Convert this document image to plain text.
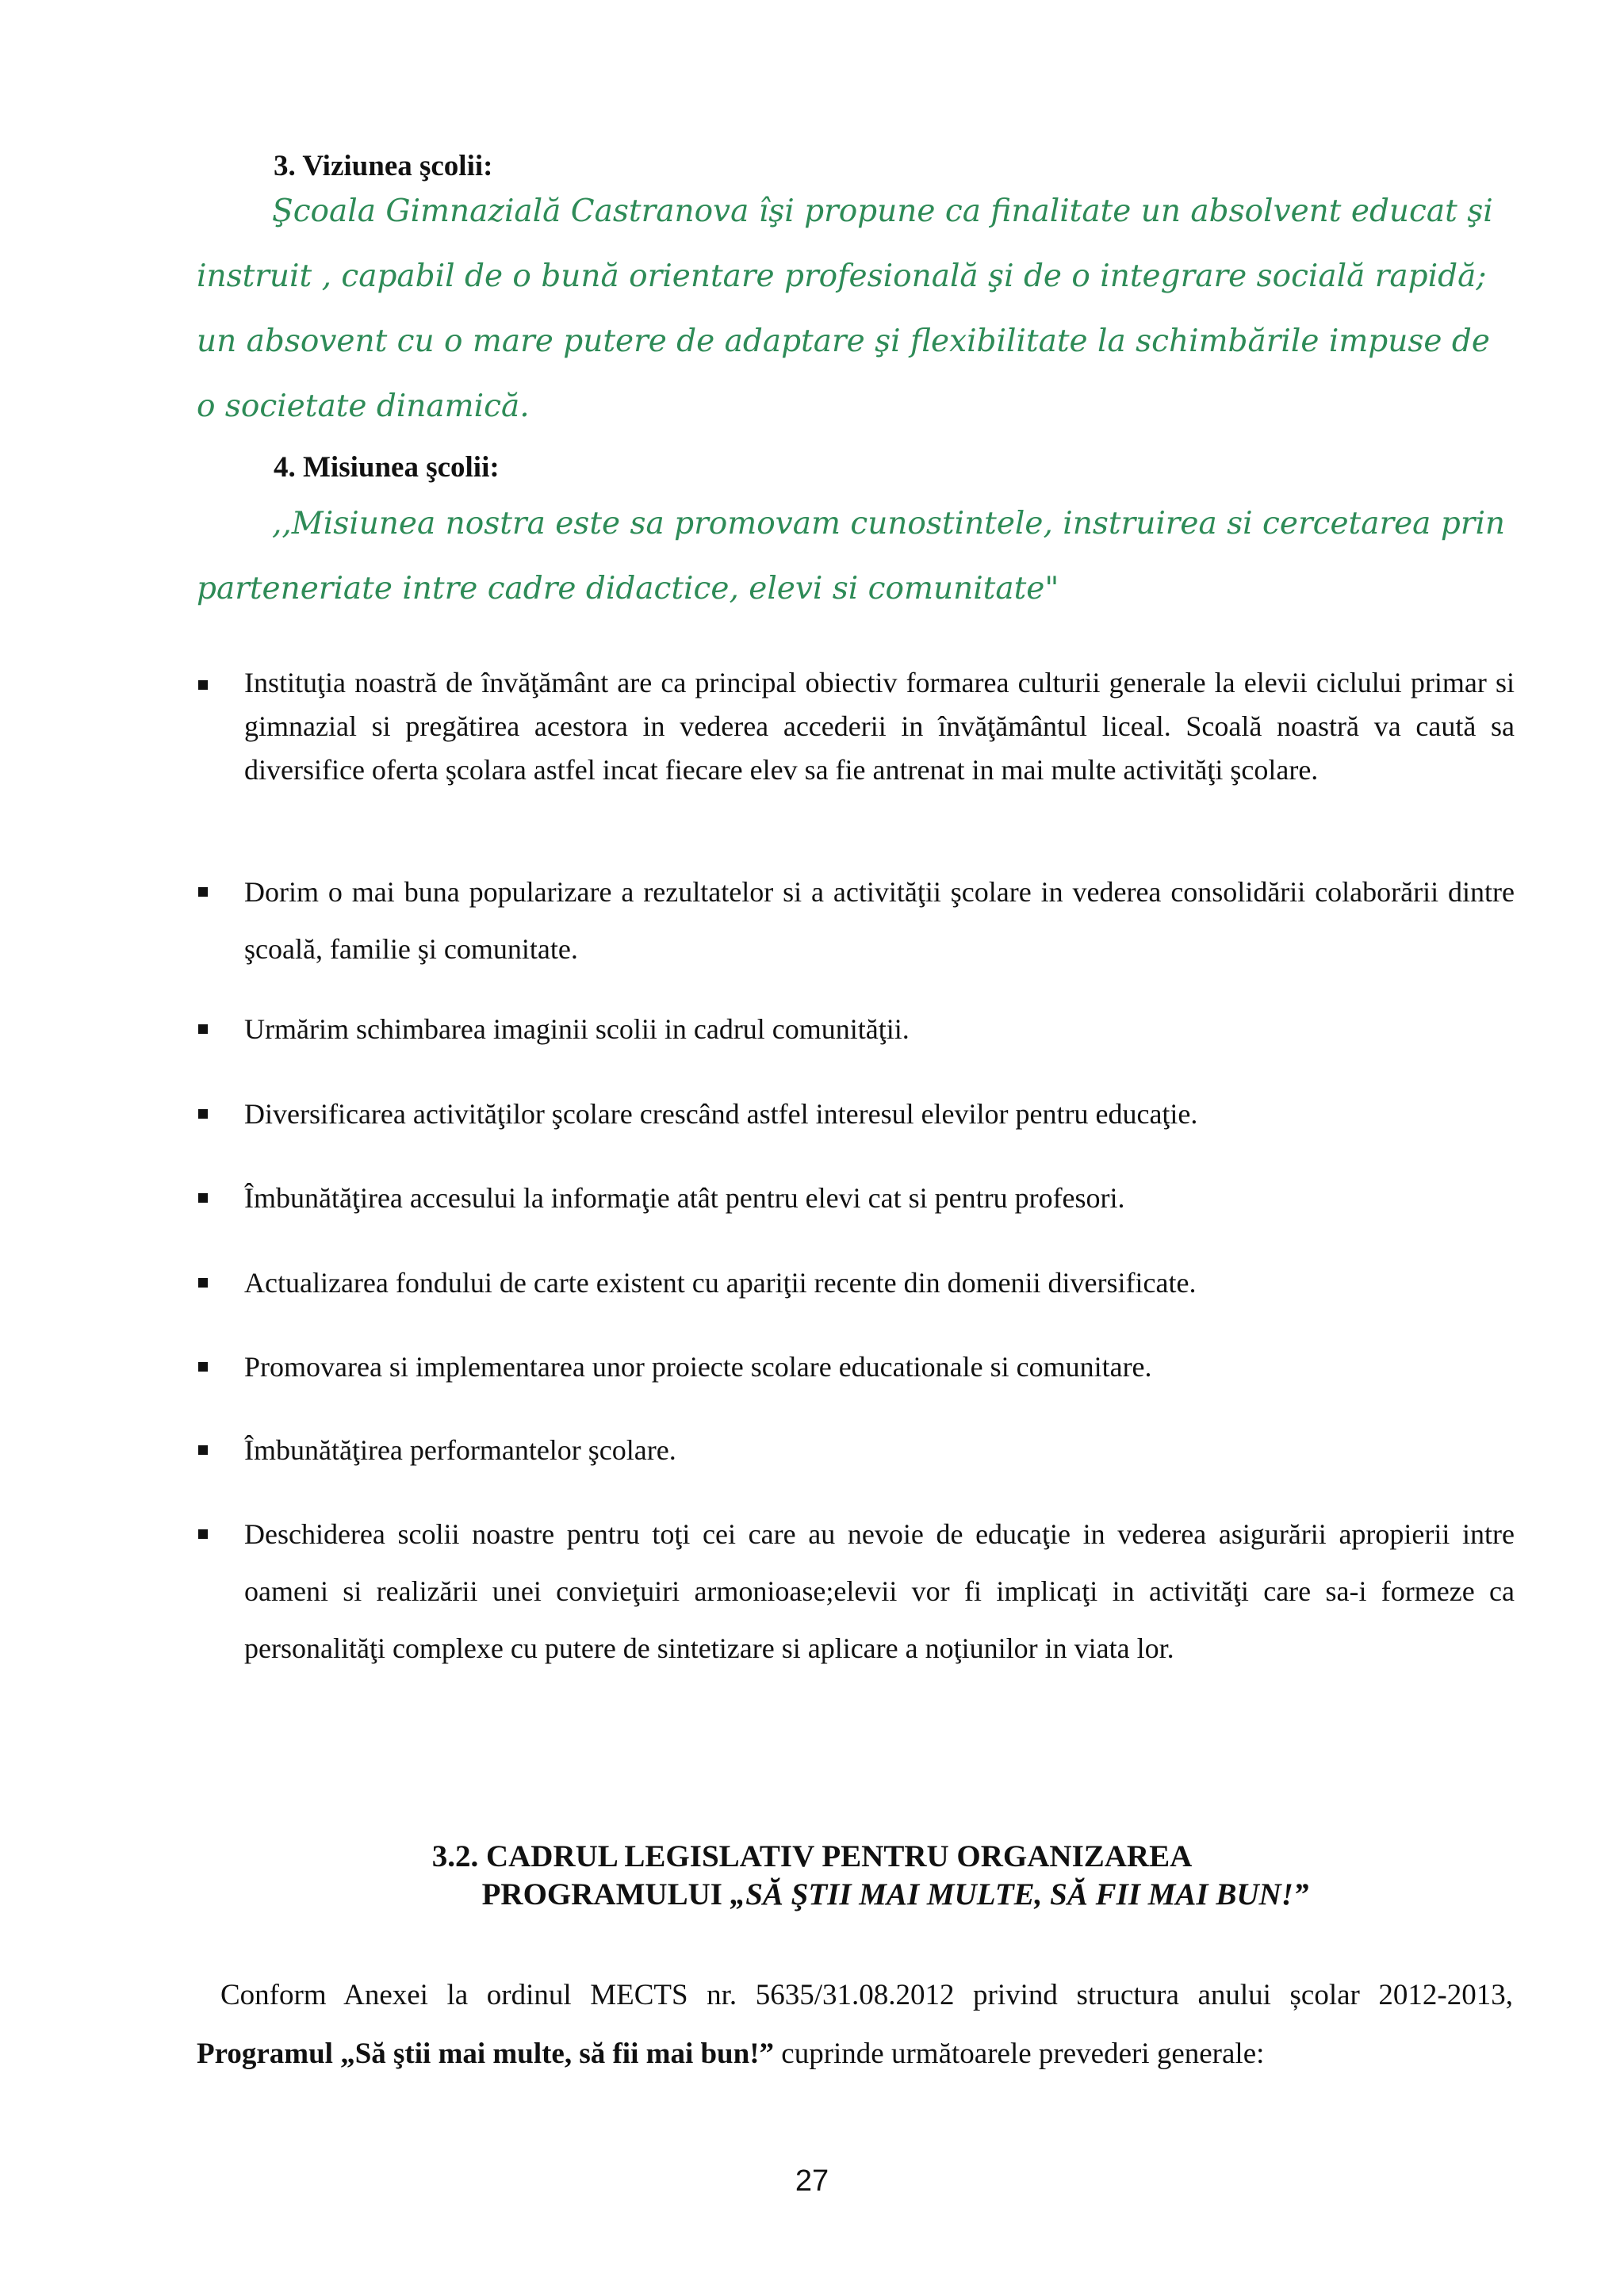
3. Viziunea şcolii:

Şcoala Gimnazială Castranova îşi propune ca finalitate un absolvent educat şi instruit , capabil de o bună orientare profesională şi de o integrare socială rapidă; un absovent cu o mare putere de adaptare şi flexibilitate la schimbările impuse de o societate dinamică.

4. Misiunea şcolii:

,,Misiunea nostra este sa promovam cunostintele, instruirea si cercetarea prin parteneriate intre cadre didactice, elevi si comunitate"

Instituţia noastră de învăţământ are ca principal obiectiv formarea culturii generale la elevii ciclului primar si gimnazial si pregătirea acestora in vederea accederii in învăţământul liceal. Scoală noastră va caută sa diversifice oferta şcolara astfel incat fiecare elev sa fie antrenat in mai multe activităţi şcolare.

Dorim o mai buna popularizare a rezultatelor si a activităţii şcolare in vederea consolidării colaborării dintre şcoală, familie şi comunitate.

Urmărim schimbarea imaginii scolii in cadrul comunităţii.

Diversificarea activităţilor şcolare crescând astfel interesul elevilor pentru educaţie.

Îmbunătăţirea accesului la informaţie atât pentru elevi cat si pentru profesori.

Actualizarea fondului de carte existent cu apariţii recente din domenii diversificate.

Promovarea si implementarea unor proiecte scolare educationale si comunitare.

Îmbunătăţirea performantelor şcolare.

Deschiderea scolii noastre pentru toţi cei care au nevoie de educaţie in vederea asigurării apropierii intre oameni si realizării unei convieţuiri armonioase;elevii vor fi implicaţi in activităţi care sa-i formeze ca personalităţi complexe cu putere de sintetizare si aplicare a noţiunilor in viata lor.

3.2. CADRUL LEGISLATIV PENTRU ORGANIZAREA
PROGRAMULUI „SĂ ŞTII MAI MULTE, SĂ FII MAI BUN!”

Conform Anexei la ordinul MECTS nr. 5635/31.08.2012 privind structura anului școlar 2012-2013, Programul „Să ştii mai multe, să fii mai bun!” cuprinde următoarele prevederi generale:

27
